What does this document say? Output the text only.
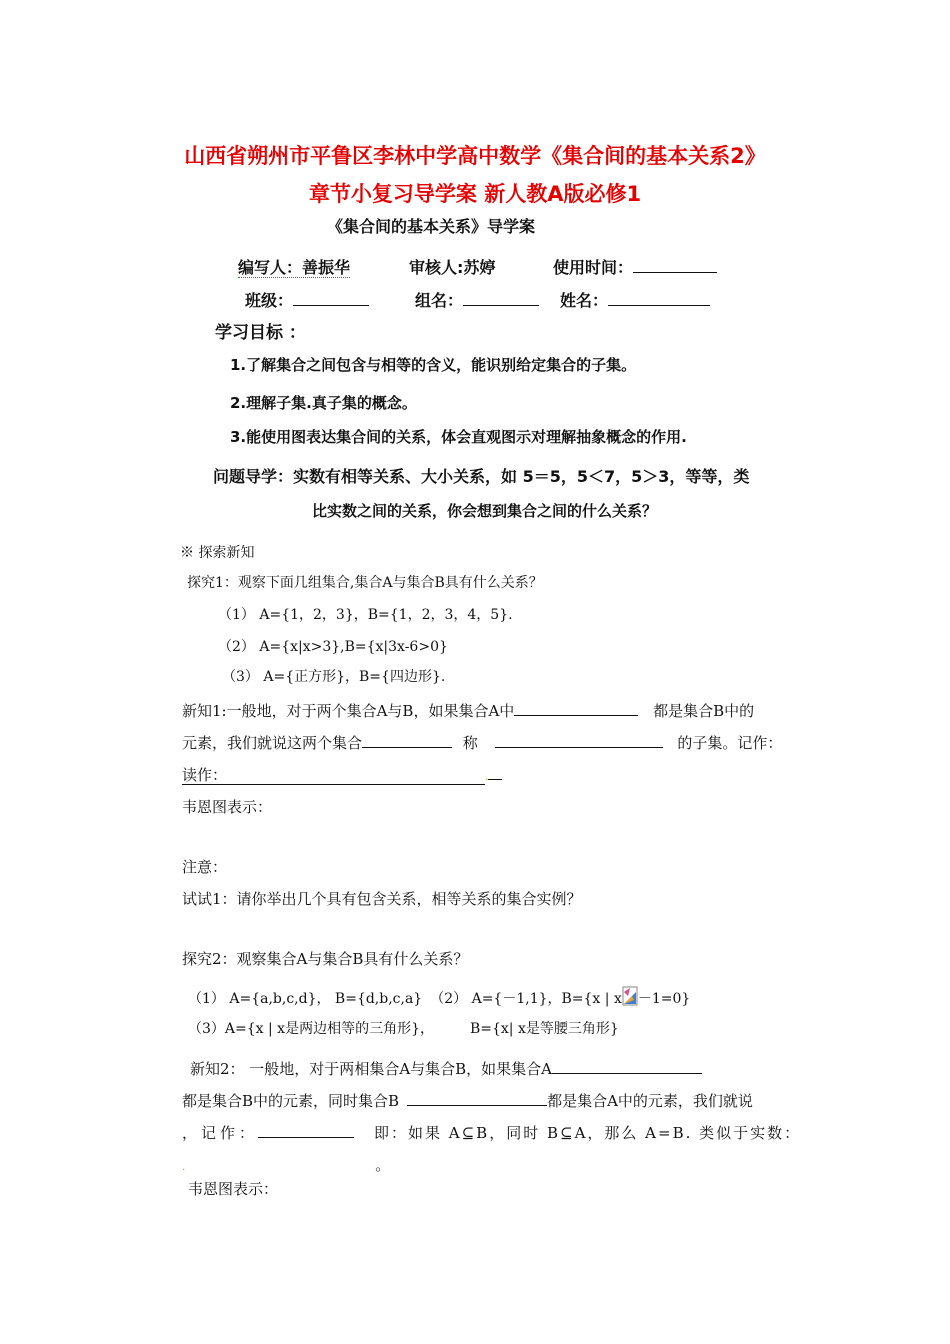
山西省朔州市平鲁区李林中学高中数学《集合间的基本关系2》
章节小复习导学案 新人教A版必修1
《集合间的基本关系》导学案
编写人：善振华	审核人:苏婷	使用时间：
班级：	组名：	姓名：
学习目标 ：
1.了解集合之间包含与相等的含义，能识别给定集合的子集。
2.理解子集.真子集的概念。
3.能使用图表达集合间的关系，体会直观图示对理解抽象概念的作用.
问题导学：实数有相等关系、大小关系，如 5＝5，5＜7，5＞3，等等，类
比实数之间的关系，你会想到集合之间的什么关系？
※ 探索新知
探究1：观察下面几组集合,集合A与集合B具有什么关系？
（1） A={1，2，3}，B={1，2，3，4，5}.
（2） A={x|x>3},B={x|3x-6>0}
（3） A={正方形}，B={四边形}.
新知1:一般地，对于两个集合A与B，如果集合A中	都是集合B中的
元素，我们就说这两个集合	称	的子集。记作：
读作：	.
韦恩图表示：
注意：
试试1：请你举出几个具有包含关系，相等关系的集合实例？
探究2：观察集合A与集合B具有什么关系？
（1） A={a,b,c,d}， B={d,b,c,a} （2） A={－1,1}，B={x | x －1=0}
（3）A={x | x是两边相等的三角形}，	B={x| x是等腰三角形}
新知2： 一般地，对于两相集合A与集合B，如果集合A
都是集合B中的元素，同时集合B	都是集合A中的元素，我们就说
，记作：	即：如果 A⊆B，同时 B⊆A，那么 A=B. 类似于实数：
.	。
韦恩图表示：
